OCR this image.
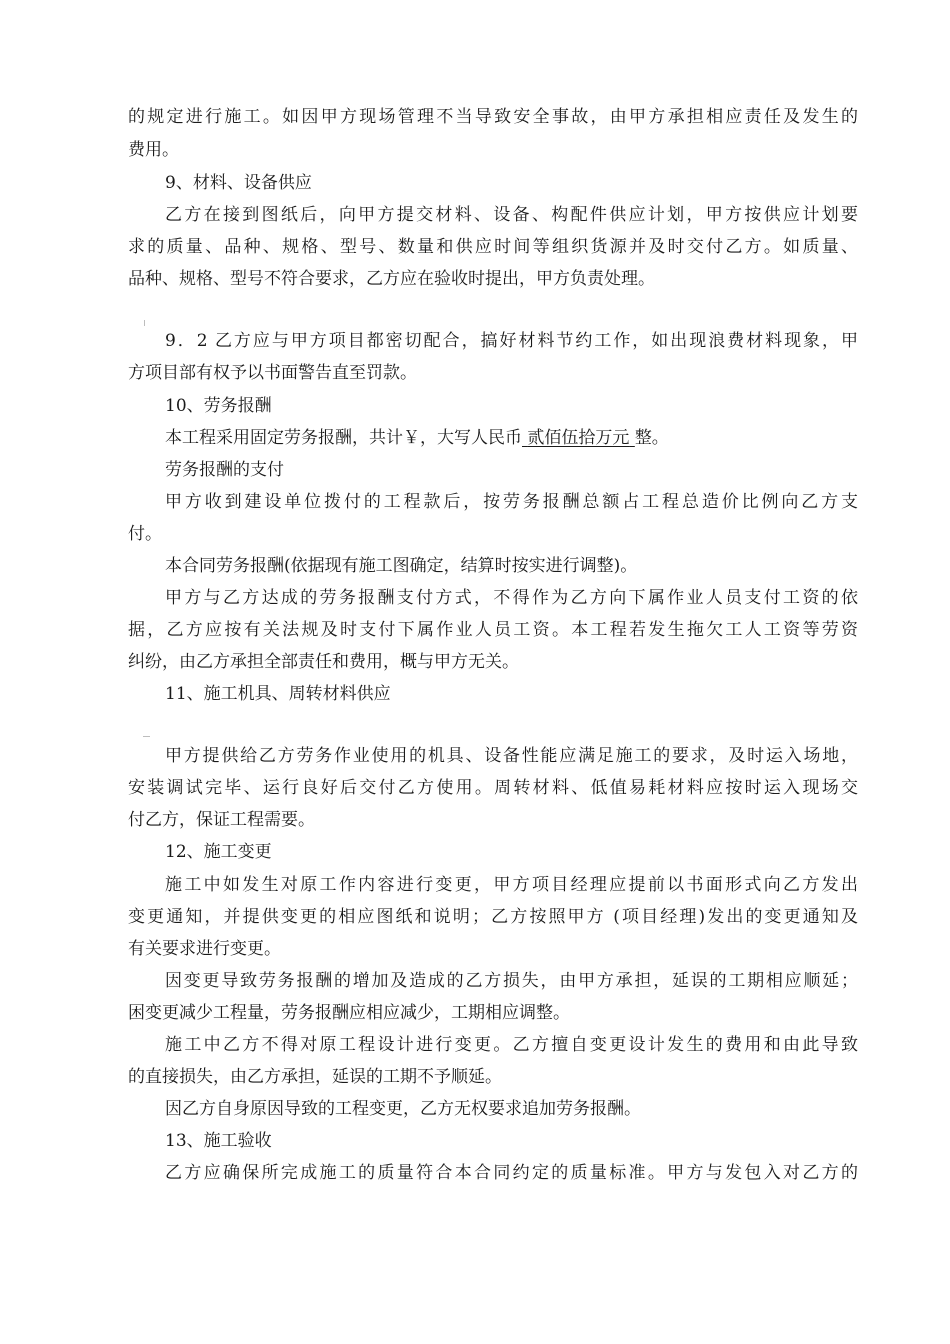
的规定进行施工。如因甲方现场管理不当导致安全事故，由甲方承担相应责任及发生的
费用。
9、材料、设备供应
乙方在接到图纸后，向甲方提交材料、设备、构配件供应计划，甲方按供应计划要
求的质量、品种、规格、型号、数量和供应时间等组织货源并及时交付乙方。如质量、
品种、规格、型号不符合要求，乙方应在验收时提出，甲方负责处理。
9．2 乙方应与甲方项目都密切配合，搞好材料节约工作，如出现浪费材料现象，甲
方项目部有权予以书面警告直至罚款。
10、劳务报酬
本工程采用固定劳务报酬，共计￥，大写人民币 贰佰伍拾万元 整。
劳务报酬的支付
甲方收到建设单位拨付的工程款后，按劳务报酬总额占工程总造价比例向乙方支
付。
本合同劳务报酬(依据现有施工图确定，结算时按实进行调整)。
甲方与乙方达成的劳务报酬支付方式，不得作为乙方向下属作业人员支付工资的依
据，乙方应按有关法规及时支付下属作业人员工资。本工程若发生拖欠工人工资等劳资
纠纷，由乙方承担全部责任和费用，概与甲方无关。
11、施工机具、周转材料供应
甲方提供给乙方劳务作业使用的机具、设备性能应满足施工的要求，及时运入场地，
安装调试完毕、运行良好后交付乙方使用。周转材料、低值易耗材料应按时运入现场交
付乙方，保证工程需要。
12、施工变更
施工中如发生对原工作内容进行变更，甲方项目经理应提前以书面形式向乙方发出
变更通知，并提供变更的相应图纸和说明；乙方按照甲方 (项目经理)发出的变更通知及
有关要求进行变更。
因变更导致劳务报酬的增加及造成的乙方损失，由甲方承担，延误的工期相应顺延；
困变更减少工程量，劳务报酬应相应减少，工期相应调整。
施工中乙方不得对原工程设计进行变更。乙方擅自变更设计发生的费用和由此导致
的直接损失，由乙方承担，延误的工期不予顺延。
因乙方自身原因导致的工程变更，乙方无权要求追加劳务报酬。
13、施工验收
乙方应确保所完成施工的质量符合本合同约定的质量标准。甲方与发包入对乙方的
